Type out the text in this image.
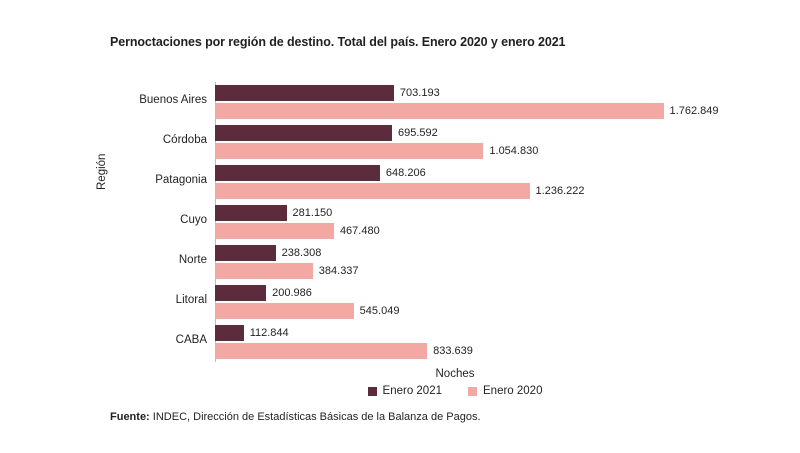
Pernoctaciones por región de destino. Total del país. Enero 2020 y enero 2021
Región
Buenos Aires
Córdoba
Patagonia
Cuyo
Norte
Litoral
CABA
Noches
703.193
1.762.849
695.592
1.054.830
648.206
1.236.222
281.150
467.480
238.308
384.337
200.986
545.049
112.844
833.639
Enero 2021	Enero 2020
Fuente: INDEC, Dirección de Estadísticas Básicas de la Balanza de Pagos.
